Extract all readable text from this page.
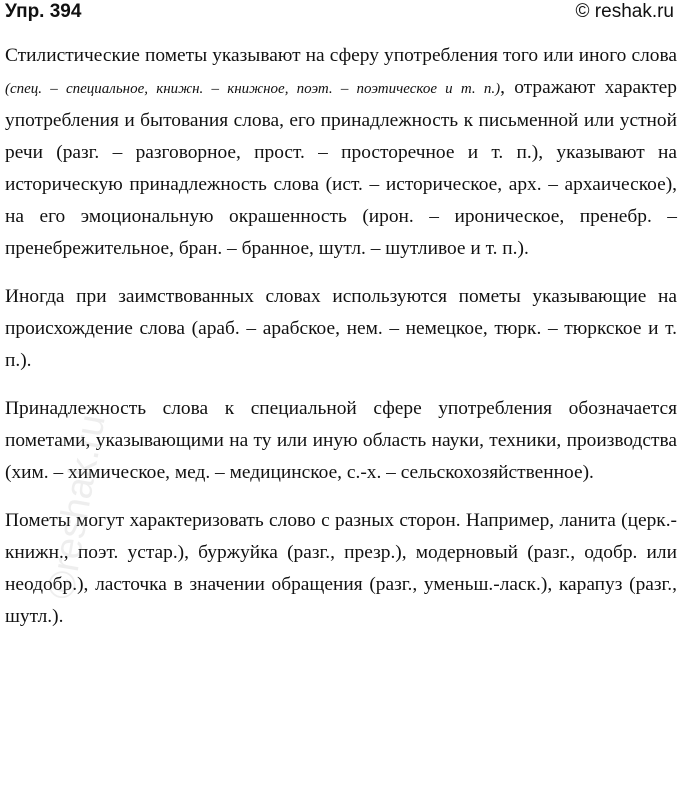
Упр. 394	© reshak.ru

Стилистические пометы указывают на сферу употребления того или иного слова (спец. – специальное, книжн. – книжное, поэт. – поэтическое и т. п.), отражают характер употребления и бытования слова, его принадлежность к письменной или устной речи (разг. – разговорное, прост. – просторечное и т. п.), указывают на историческую принадлежность слова (ист. – историческое, арх. – архаическое), на его эмоциональную окрашенность (ирон. – ироническое, пренебр. – пренебрежительное, бран. – бранное, шутл. – шутливое и т. п.).

Иногда при заимствованных словах используются пометы указывающие на происхождение слова (араб. – арабское, нем. – немецкое, тюрк. – тюркское и т. п.).

Принадлежность слова к специальной сфере употребления обозначается пометами, указывающими на ту или иную область науки, техники, производства (хим. – химическое, мед. – медицинское, с.-х. – сельскохозяйственное).

Пометы могут характеризовать слово с разных сторон. Например, ланита (церк.-книжн., поэт. устар.), буржуйка (разг., презр.), модерновый (разг., одобр. или неодобр.), ласточка в значении обращения (разг., уменьш.-ласк.), карапуз (разг., шутл.).

©reshak.ru
